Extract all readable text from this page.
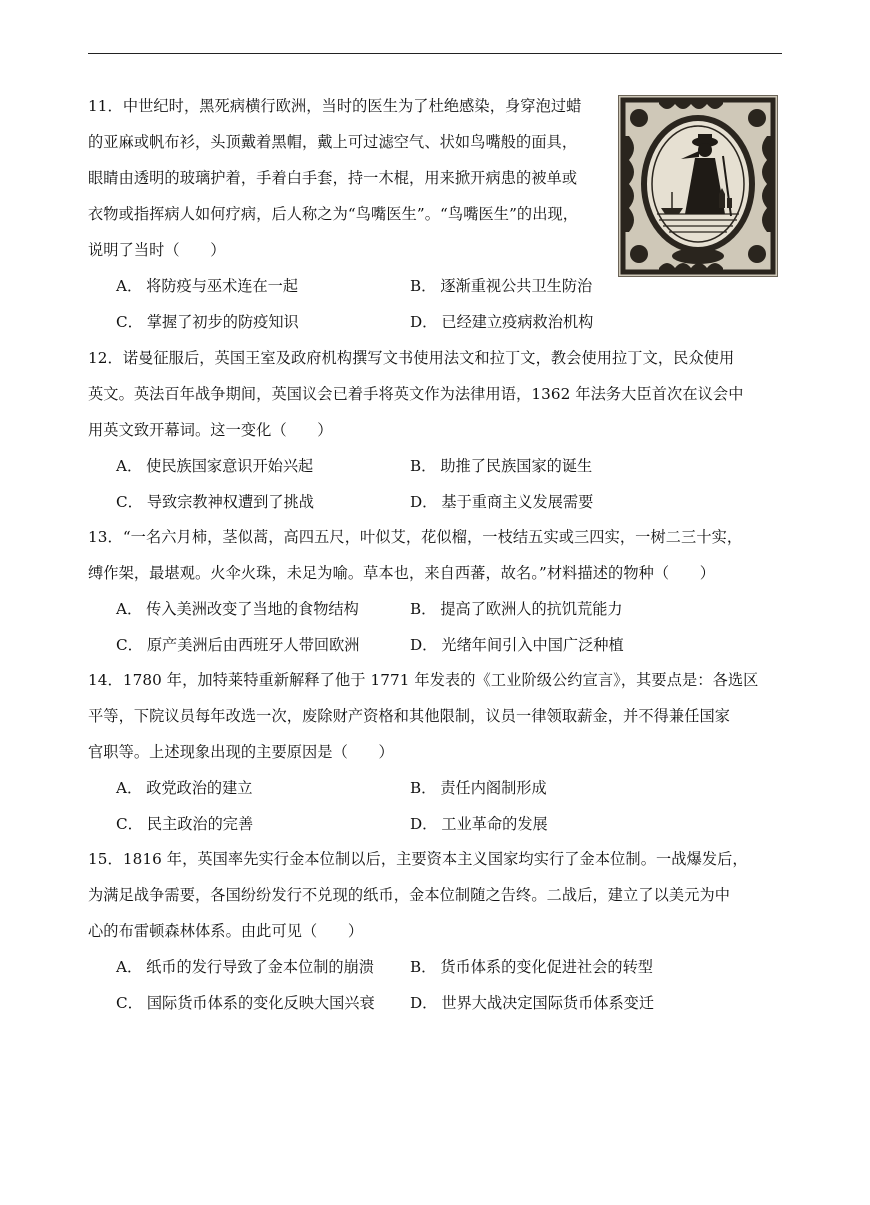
11．中世纪时，黑死病横行欧洲，当时的医生为了杜绝感染，身穿泡过蜡
的亚麻或帆布衫，头顶戴着黑帽，戴上可过滤空气、状如鸟嘴般的面具，
眼睛由透明的玻璃护着，手着白手套，持一木棍，用来掀开病患的被单或
衣物或指挥病人如何疗病，后人称之为“鸟嘴医生”。“鸟嘴医生”的出现，
说明了当时（　　）
A． 将防疫与巫术连在一起	B． 逐渐重视公共卫生防治
C． 掌握了初步的防疫知识	D． 已经建立疫病救治机构
12．诺曼征服后，英国王室及政府机构撰写文书使用法文和拉丁文，教会使用拉丁文，民众使用
英文。英法百年战争期间，英国议会已着手将英文作为法律用语，1362 年法务大臣首次在议会中
用英文致开幕词。这一变化（　　）
A． 使民族国家意识开始兴起	B． 助推了民族国家的诞生
C． 导致宗教神权遭到了挑战	D． 基于重商主义发展需要
13．“一名六月柿，茎似蒿，高四五尺，叶似艾，花似榴，一枝结五实或三四实，一树二三十实，
缚作架，最堪观。火伞火珠，未足为喻。草本也，来自西蕃，故名。”材料描述的物种（　　）
A． 传入美洲改变了当地的食物结构	B． 提高了欧洲人的抗饥荒能力
C． 原产美洲后由西班牙人带回欧洲	D． 光绪年间引入中国广泛种植
14．1780 年，加特莱特重新解释了他于 1771 年发表的《工业阶级公约宣言》，其要点是：各选区
平等，下院议员每年改选一次，废除财产资格和其他限制，议员一律领取薪金，并不得兼任国家
官职等。上述现象出现的主要原因是（　　）
A． 政党政治的建立	B． 责任内阁制形成
C． 民主政治的完善	D． 工业革命的发展
15．1816 年，英国率先实行金本位制以后，主要资本主义国家均实行了金本位制。一战爆发后，
为满足战争需要，各国纷纷发行不兑现的纸币，金本位制随之告终。二战后，建立了以美元为中
心的布雷顿森林体系。由此可见（　　）
A． 纸币的发行导致了金本位制的崩溃 B． 货币体系的变化促进社会的转型
C． 国际货币体系的变化反映大国兴衰 D． 世界大战决定国际货币体系变迁
